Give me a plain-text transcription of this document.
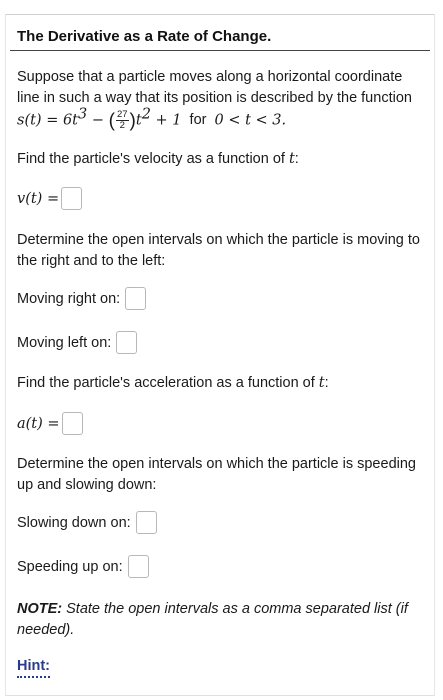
The Derivative as a Rate of Change.
Suppose that a particle moves along a horizontal coordinate
line in such a way that its position is described by the function
$s(t) = 6t^3$ − ( $\frac{27}{2} )t^2 + 1$ for 0 < t < 3.
Find the particle's velocity as a function of t:
v(t) =
Determine the open intervals on which the particle is moving to the right and to the left:
Moving right on:
Moving left on:
Find the particle's acceleration as a function of t:
a(t) =
Determine the open intervals on which the particle is speeding up and slowing down:
Slowing down on:
Speeding up on:
NOTE: State the open intervals as a comma separated list (if needed).
Hint:
